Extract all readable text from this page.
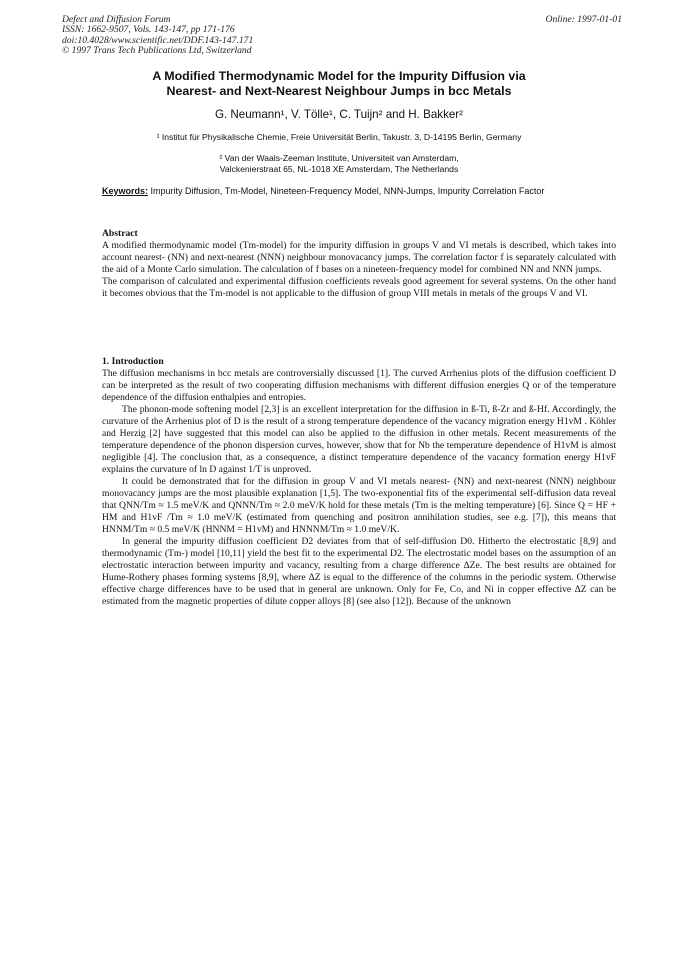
Defect and Diffusion Forum
ISSN: 1662-9507, Vols. 143-147, pp 171-176
doi:10.4028/www.scientific.net/DDF.143-147.171
© 1997 Trans Tech Publications Ltd, Switzerland
Online: 1997-01-01
A Modified Thermodynamic Model for the Impurity Diffusion via
Nearest- and Next-Nearest Neighbour Jumps in bcc Metals
G. Neumann¹, V. Tölle¹, C. Tuijn² and H. Bakker²
¹ Institut für Physikalische Chemie, Freie Universität Berlin, Takustr. 3, D-14195 Berlin, Germany
² Van der Waals-Zeeman Institute, Universiteit van Amsterdam,
Valckenierstraat 65, NL-1018 XE Amsterdam, The Netherlands
Keywords: Impurity Diffusion, Tm-Model, Nineteen-Frequency Model, NNN-Jumps, Impurity Correlation Factor

Abstract

A modified thermodynamic model (Tm-model) for the impurity diffusion in groups V and VI metals is described, which takes into account nearest- (NN) and next-nearest (NNN) neighbour monovacancy jumps. The correlation factor f is separately calculated with the aid of a Monte Carlo simulation. The calculation of f bases on a nineteen-frequency model for combined NN and NNN jumps.

The comparison of calculated and experimental diffusion coefficients reveals good agreement for several systems. On the other hand it becomes obvious that the Tm-model is not applicable to the diffusion of group VIII metals in metals of the groups V and VI.

1. Introduction

The diffusion mechanisms in bcc metals are controversially discussed [1]. The curved Arrhenius plots of the diffusion coefficient D can be interpreted as the result of two cooperating diffusion mechanisms with different diffusion energies Q or of the temperature dependence of the diffusion enthalpies and entropies.

The phonon-mode softening model [2,3] is an excellent interpretation for the diffusion in ß-Ti, ß-Zr and ß-Hf. Accordingly, the curvature of the Arrhenius plot of D is the result of a strong temperature dependence of the vacancy migration energy H1vM . Köhler and Herzig [2] have suggested that this model can also be applied to the diffusion in other metals. Recent measurements of the temperature dependence of the phonon dispersion curves, however, show that for Nb the temperature dependence of H1vM is almost negligible [4]. The conclusion that, as a consequence, a distinct temperature dependence of the vacancy formation energy H1vF explains the curvature of ln D against 1/T is unproved.

It could be demonstrated that for the diffusion in group V and VI metals nearest- (NN) and next-nearest (NNN) neighbour monovacancy jumps are the most plausible explanation [1,5]. The two-exponential fits of the experimental self-diffusion data reveal that QNN/Tm ≈ 1.5 meV/K and QNNN/Tm ≈ 2.0 meV/K hold for these metals (Tm is the melting temperature) [6]. Since Q = HF + HM and H1vF /Tm ≈ 1.0 meV/K (estimated from quenching and positron annihilation studies, see e.g. [7]), this means that HNNM/Tm ≈ 0.5 meV/K (HNNM = H1vM) and HNNNM/Tm ≈ 1.0 meV/K.

In general the impurity diffusion coefficient D2 deviates from that of self-diffusion D0. Hitherto the electrostatic [8,9] and thermodynamic (Tm-) model [10,11] yield the best fit to the experimental D2. The electrostatic model bases on the assumption of an electrostatic interaction between impurity and vacancy, resulting from a charge difference ΔZe. The best results are obtained for Hume-Rothery phases forming systems [8,9], where ΔZ is equal to the difference of the columns in the periodic system. Otherwise effective charge differences have to be used that in general are unknown. Only for Fe, Co, and Ni in copper effective ΔZ can be estimated from the magnetic properties of dilute copper alloys [8] (see also [12]). Because of the unknown
